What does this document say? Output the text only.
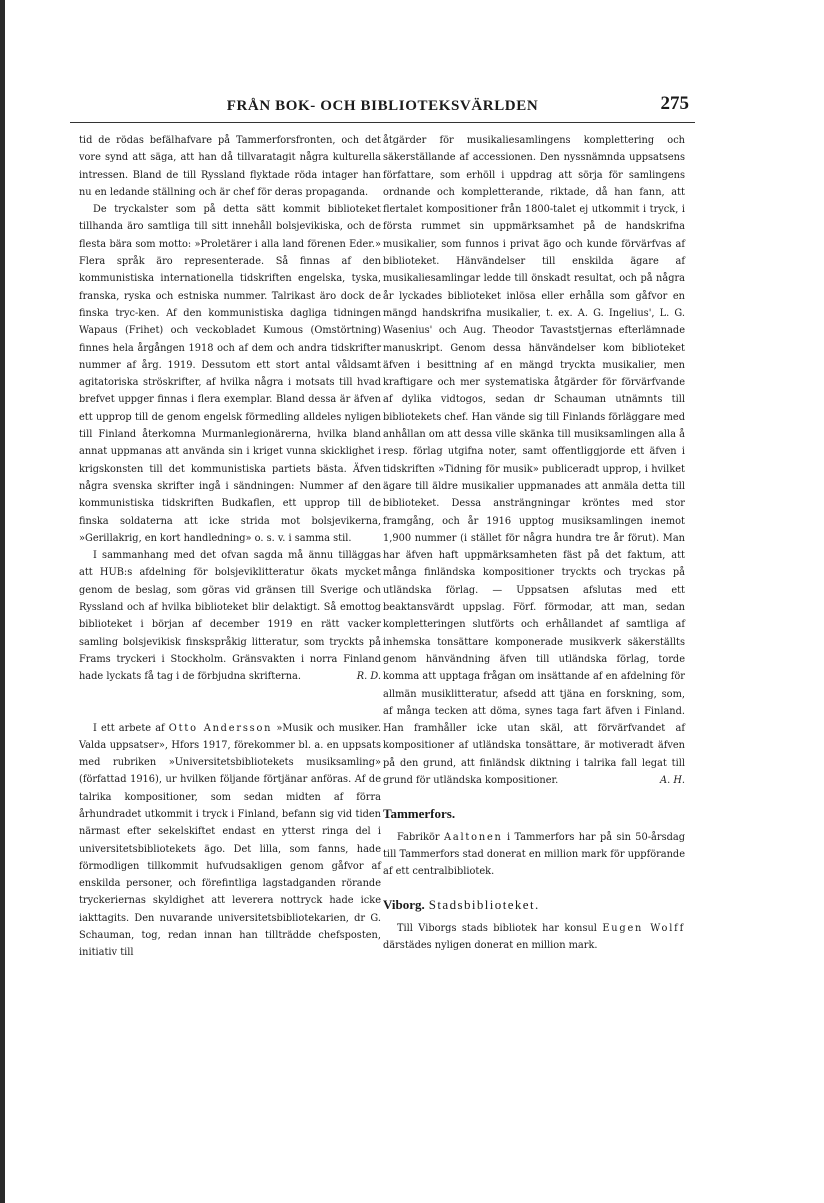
FRÅN BOK- OCH BIBLIOTEKSVÄRLDEN	275

tid de rödas befälhafvare på Tammerforsfronten, och det vore synd att säga, att han då tillvaratagit några kulturella intressen. Bland de till Ryssland flyktade röda intager han nu en ledande ställning och är chef för deras propaganda.

De tryckalster som på detta sätt kommit biblioteket tillhanda äro samtliga till sitt innehåll bolsjevikiska, och de flesta bära som motto: »Proletärer i alla land förenen Eder.» Flera språk äro representerade. Så finnas af den kommunistiska internationella tidskriften engelska, tyska, franska, ryska och estniska nummer. Talrikast äro dock de finska tryc-ken. Af den kommunistiska dagliga tidningen Wapaus (Frihet) och veckobladet Kumous (Omstörtning) finnes hela årgången 1918 och af dem och andra tidskrifter nummer af årg. 1919. Dessutom ett stort antal våldsamt agitatoriska ströskrifter, af hvilka några i motsats till hvad brefvet uppger finnas i flera exemplar. Bland dessa är äfven ett upprop till de genom engelsk förmedling alldeles nyligen till Finland återkomna Murmanlegionärerna, hvilka bland annat uppmanas att använda sin i kriget vunna skicklighet i krigskonsten till det kommunistiska partiets bästa. Äfven några svenska skrifter ingå i sändningen: Nummer af den kommunistiska tidskriften Budkaflen, ett upprop till de finska soldaterna att icke strida mot bolsjevikerna, »Gerillakrig, en kort handledning» o. s. v. i samma stil.

I sammanhang med det ofvan sagda må ännu tilläggas att HUB:s afdelning för bolsjeviklitteratur ökats mycket genom de beslag, som göras vid gränsen till Sverige och Ryssland och af hvilka biblioteket blir delaktigt. Så emottog biblioteket i början af december 1919 en rätt vacker samling bolsjevikisk finskspråkig litteratur, som tryckts på Frams tryckeri i Stockholm. Gränsvakten i norra Finland hade lyckats få tag i de förbjudna skrifterna.	R. D.

I ett arbete af Otto Andersson »Musik och musiker. Valda uppsatser», Hfors 1917, förekommer bl. a. en uppsats med rubriken »Universitetsbibliotekets musiksamling» (författad 1916), ur hvilken följande förtjänar anföras. Af de talrika kompositioner, som sedan midten af förra århundradet utkommit i tryck i Finland, befann sig vid tiden närmast efter sekelskiftet endast en ytterst ringa del i universitetsbibliotekets ägo. Det lilla, som fanns, hade förmodligen tillkommit hufvudsakligen genom gåfvor af enskilda personer, och förefintliga lagstadganden rörande tryckeriernas skyldighet att leverera nottryck hade icke iakttagits. Den nuvarande universitetsbibliotekarien, dr G. Schauman, tog, redan innan han tillträdde chefsposten, initiativ till

åtgärder för musikaliesamlingens komplettering och säkerställande af accessionen. Den nyssnämnda uppsatsens författare, som erhöll i uppdrag att sörja för samlingens ordnande och kompletterande, riktade, då han fann, att flertalet kompositioner från 1800-talet ej utkommit i tryck, i första rummet sin uppmärksamhet på de handskrifna musikalier, som funnos i privat ägo och kunde förvärfvas af biblioteket. Hänvändelser till enskilda ägare af musikaliesamlingar ledde till önskadt resultat, och på några år lyckades biblioteket inlösa eller erhålla som gåfvor en mängd handskrifna musikalier, t. ex. A. G. Ingelius', L. G. Wasenius' och Aug. Theodor Tavaststjernas efterlämnade manuskript. Genom dessa hänvändelser kom biblioteket äfven i besittning af en mängd tryckta musikalier, men kraftigare och mer systematiska åtgärder för förvärfvande af dylika vidtogos, sedan dr Schauman utnämnts till bibliotekets chef. Han vände sig till Finlands förläggare med anhållan om att dessa ville skänka till musiksamlingen alla å resp. förlag utgifna noter, samt offentliggjorde ett äfven i tidskriften »Tidning för musik» publiceradt upprop, i hvilket ägare till äldre musikalier uppmanades att anmäla detta till biblioteket. Dessa ansträngningar kröntes med stor framgång, och år 1916 upptog musiksamlingen inemot 1,900 nummer (i stället för några hundra tre år förut). Man har äfven haft uppmärksamheten fäst på det faktum, att många finländska kompositioner tryckts och tryckas på utländska förlag. — Uppsatsen afslutas med ett beaktansvärdt uppslag. Förf. förmodar, att man, sedan kompletteringen slutförts och erhållandet af samtliga af inhemska tonsättare komponerade musikverk säkerställts genom hänvändning äfven till utländska förlag, torde komma att upptaga frågan om insättande af en afdelning för allmän musiklitteratur, afsedd att tjäna en forskning, som, af många tecken att döma, synes taga fart äfven i Finland. Han framhåller icke utan skäl, att förvärfvandet af kompositioner af utländska tonsättare, är motiveradt äfven på den grund, att finländsk diktning i talrika fall legat till grund för utländska kompositioner.	A. H.

Tammerfors.

Fabrikör Aaltonen i Tammerfors har på sin 50-årsdag till Tammerfors stad donerat en million mark för uppförande af ett centralbibliotek.

Viborg. Stadsbiblioteket.

Till Viborgs stads bibliotek har konsul Eugen Wolff därstädes nyligen donerat en million mark.
